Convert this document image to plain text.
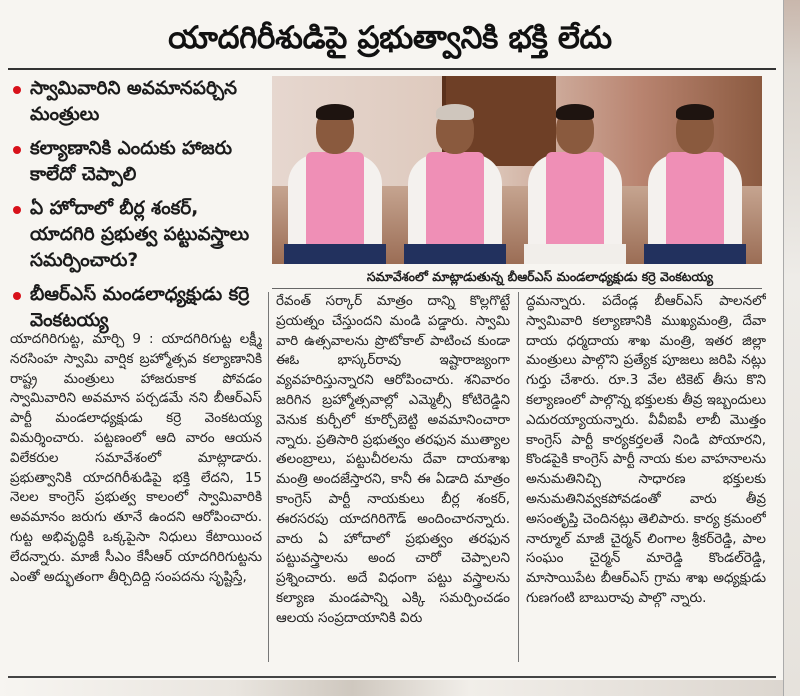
యాదగిరీశుడిపై ప్రభుత్వానికి భక్తి లేదు
స్వామివారిని అవమానపర్చిన మంత్రులు
కల్యాణానికి ఎందుకు హాజరు కాలేదో చెప్పాలి
ఏ హోదాలో బీర్ల శంకర్, యాదగిరి ప్రభుత్వ పట్టువస్త్రాలు సమర్పించారు?
బీఆర్ఎస్ మండలాధ్యక్షుడు కర్రె వెంకటయ్య
సమావేశంలో మాట్లాడుతున్న బీఆర్ఎస్ మండలాధ్యక్షుడు కర్రె వెంకటయ్య
యాదగిరిగుట్ట, మార్చి 9 : యాదగిరిగుట్ట లక్ష్మీ నరసింహ స్వామి వార్షిక బ్రహ్మోత్సవ కల్యాణానికి రాష్ట్ర మంత్రులు హాజరుకాక పోవడం స్వామివారిని అవమాన పర్చడమే నని బీఆర్ఎస్ పార్టీ మండలాధ్యక్షుడు కర్రె వెంకటయ్య విమర్శించారు. పట్టణంలో ఆది వారం ఆయన విలేకరుల సమావేశంలో మాట్లాడారు. ప్రభుత్వానికి యాదగిరీశుడిపై భక్తి లేదని, 15 నెలల కాంగ్రెస్ ప్రభుత్వ కాలంలో స్వామివారికి అవమానం జరుగు తూనే ఉందని ఆరోపించారు. గుట్ట అభివృద్ధికి ఒక్కపైసా నిధులు కేటాయించ లేదన్నారు. మాజీ సీఎం కేసీఆర్ యాదగిరిగుట్టను ఎంతో అద్భుతంగా తీర్చిదిద్ది సంపదను సృష్టిస్తే,
రేవంత్ సర్కార్ మాత్రం దాన్ని కొల్లగొట్టే ప్రయత్నం చేస్తుందని మండి పడ్డారు. స్వామి వారి ఉత్సవాలను ప్రొటోకాల్ పాటించ కుండా ఈఓ భాస్కర్‌రావు ఇష్టారాజ్యంగా వ్యవహరిస్తున్నారని ఆరోపించారు. శనివారం జరిగిన బ్రహ్మోత్సవాల్లో ఎమ్మెల్సీ కోటిరెడ్డిని వెనుక కుర్చీలో కూర్చోబెట్టి అవమానించారా న్నారు. ప్రతిసారి ప్రభుత్వం తరఫున ముత్యాల తలంబ్రాలు, పట్టుచీరలను దేవా దాయశాఖ మంత్రి అందజేస్తారని, కానీ ఈ ఏడాది మాత్రం కాంగ్రెస్ పార్టీ నాయకులు బీర్ల శంకర్, ఈరసరపు యాదగిరిగౌడ్ అందించారన్నారు. వారు ఏ హోదాలో ప్రభుత్వం తరఫున పట్టువస్త్రాలను అంద చారో చెప్పాలని ప్రశ్నించారు. అదే విధంగా పట్టు వస్త్రాలను కల్యాణ మండపాన్ని ఎక్కి సమర్పించడం ఆలయ సంప్రదాయానికి విరు
ద్ధమన్నారు. పదేండ్ల బీఆర్ఎస్ పాలనలో స్వామివారి కల్యాణానికి ముఖ్యమంత్రి, దేవా దాయ ధర్మదాయ శాఖ మంత్రి, ఇతర జిల్లా మంత్రులు పాల్గొని ప్రత్యేక పూజలు జరిపి నట్లు గుర్తు చేశారు. రూ.3 వేల టికెట్ తీసు కొని కల్యాణంలో పాల్గొన్న భక్తులకు తీవ్ర ఇబ్బందులు ఎదురయ్యాయన్నారు. వీవీఐపీ లాబీ మొత్తం కాంగ్రెస్ పార్టీ కార్యకర్తలతే నిండి పోయారని, కొండపైకి కాంగ్రెస్ పార్టీ నాయ కుల వాహనాలను అనుమతినిచ్చి సాధారణ భక్తులకు అనుమతినివ్వకపోవడంతో వారు తీవ్ర అసంతృప్తి చెందినట్లు తెలిపారు. కార్య క్రమంలో నార్మూల్ మాజీ చైర్మన్ లింగాల శ్రీకర్‌రెడ్డి, పాల సంఘం చైర్మన్ మారెడ్డి కొండల్‌రెడ్డి, మాసాయిపేట బీఆర్ఎస్ గ్రామ శాఖ అధ్యక్షుడు గుణగంటి బాబురావు పాల్గొ న్నారు.
